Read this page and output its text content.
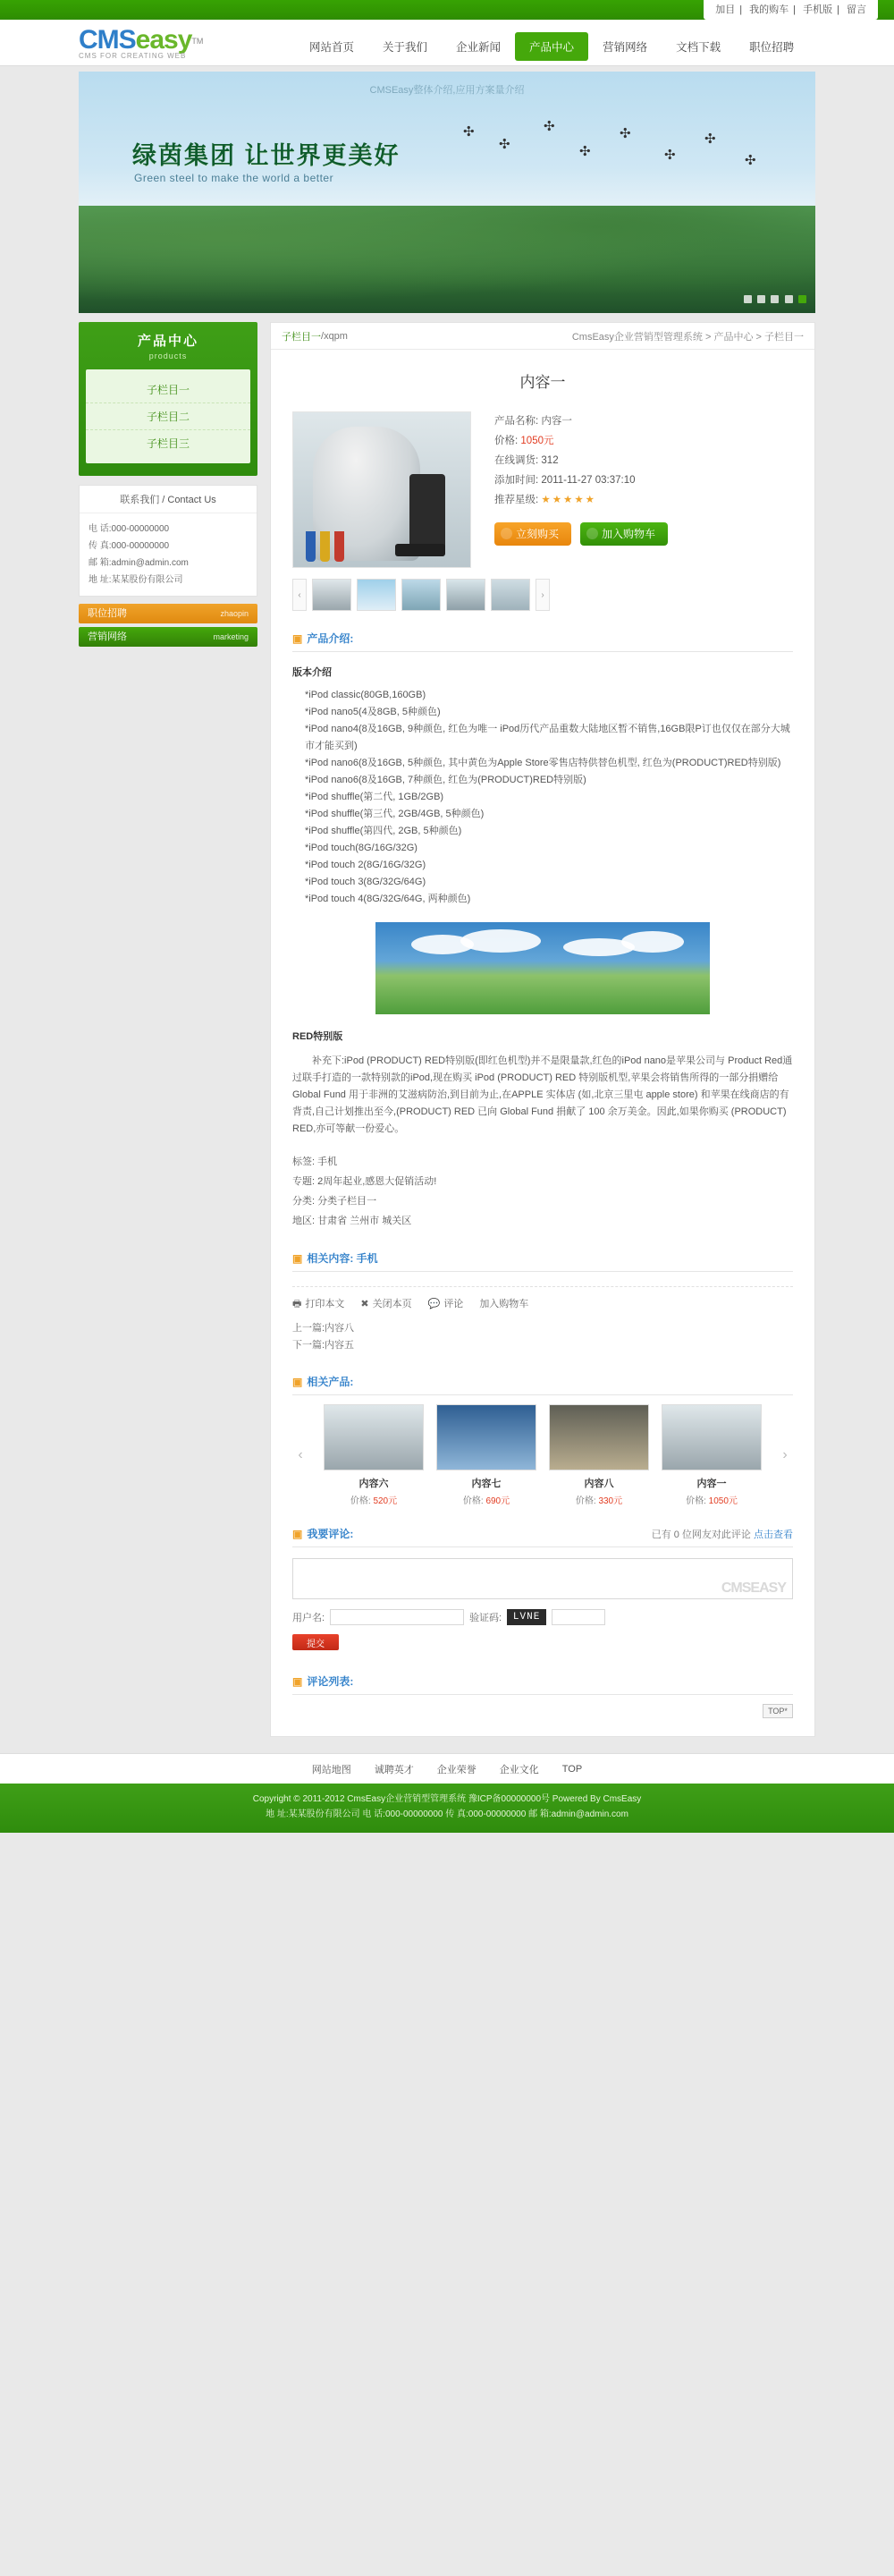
加目 | 我的购车 | 手机版 | 留言
CMSeasy™
CMS FOR CREATING WEB
网站首页	关于我们	企业新闻	产品中心	营销网络	文档下载	职位招聘
CMSEasy整体介绍,应用方案量介绍
绿茵集团 让世界更美好
Green steel to make the world a better
✣
✣
✣
✣
✣
✣
✣
✣

产品中心
products
子栏目一
子栏目二
子栏目三
联系我们 / Contact Us
电 话:000-00000000
传 真:000-00000000
邮 箱:admin@admin.com
地 址:某某股份有限公司
职位招聘	zhaopin
营销网络	marketing
子栏目一 / xqpm	CmsEasy企业营销型管理系统 > 产品中心 > 子栏目一
内容一
产品名称: 内容一
价格: 1050元
在线调货: 312
添加时间: 2011-11-27 03:37:10
推荐星级: ★★★★★
立刻购买	加入购物车
‹	›
▣ 产品介绍:
版本介绍
*iPod classic(80GB,160GB)
*iPod nano5(4及8GB, 5种颜色)
*iPod nano4(8及16GB, 9种颜色, 红色为唯一 iPod历代产品重数大陆地区暂不销售,16GB限P订也仅仅在部分大城市才能买到)
*iPod nano6(8及16GB, 5种颜色, 其中黄色为Apple Store零售店特供替色机型, 红色为(PRODUCT)RED特别版)
*iPod nano6(8及16GB, 7种颜色, 红色为(PRODUCT)RED特别版)
*iPod shuffle(第二代, 1GB/2GB)
*iPod shuffle(第三代, 2GB/4GB, 5种颜色)
*iPod shuffle(第四代, 2GB, 5种颜色)
*iPod touch(8G/16G/32G)
*iPod touch 2(8G/16G/32G)
*iPod touch 3(8G/32G/64G)
*iPod touch 4(8G/32G/64G, 两种颜色)
RED特别版

补充下:iPod (PRODUCT) RED特别版(即红色机型)并不是限量款,红色的iPod nano是苹果公司与 Product Red通过联手打造的一款特别款的iPod,现在购买 iPod (PRODUCT) RED 特别版机型,苹果会将销售所得的一部分捐赠给 Global Fund 用于非洲的艾滋病防治,到目前为止,在APPLE 实体店 (如,北京三里屯 apple store) 和苹果在线商店的有背责,自己计划推出至今,(PRODUCT) RED 已向 Global Fund 捐献了 100 余万美金。因此,如果你购买 (PRODUCT) RED,亦可等献一份爱心。

标签: 手机
专题: 2周年起业,感恩大促销活动!
分类: 分类子栏目一
地区: 甘肃省 兰州市 城关区
▣ 相关内容: 手机
🖶 打印本文 ✖ 关闭本页 💬 评论 加入购物车
上一篇:内容八
下一篇:内容五
▣ 相关产品:
‹
内容六
价格: 520元
内容七
价格: 690元
内容八
价格: 330元
内容一
价格: 1050元
›
▣ 我要评论:	已有 0 位网友对此评论 点击查看
CMSEASY
用户名:	验证码:	LVNE
提交
▣ 评论列表:
TOP*
网站地图 诚聘英才 企业荣誉 企业文化 TOP
Copyright © 2011-2012 CmsEasy企业营销型管理系统 豫ICP备00000000号 Powered By CmsEasy
地 址:某某股份有限公司 电 话:000-00000000 传 真:000-00000000 邮 箱:admin@admin.com
